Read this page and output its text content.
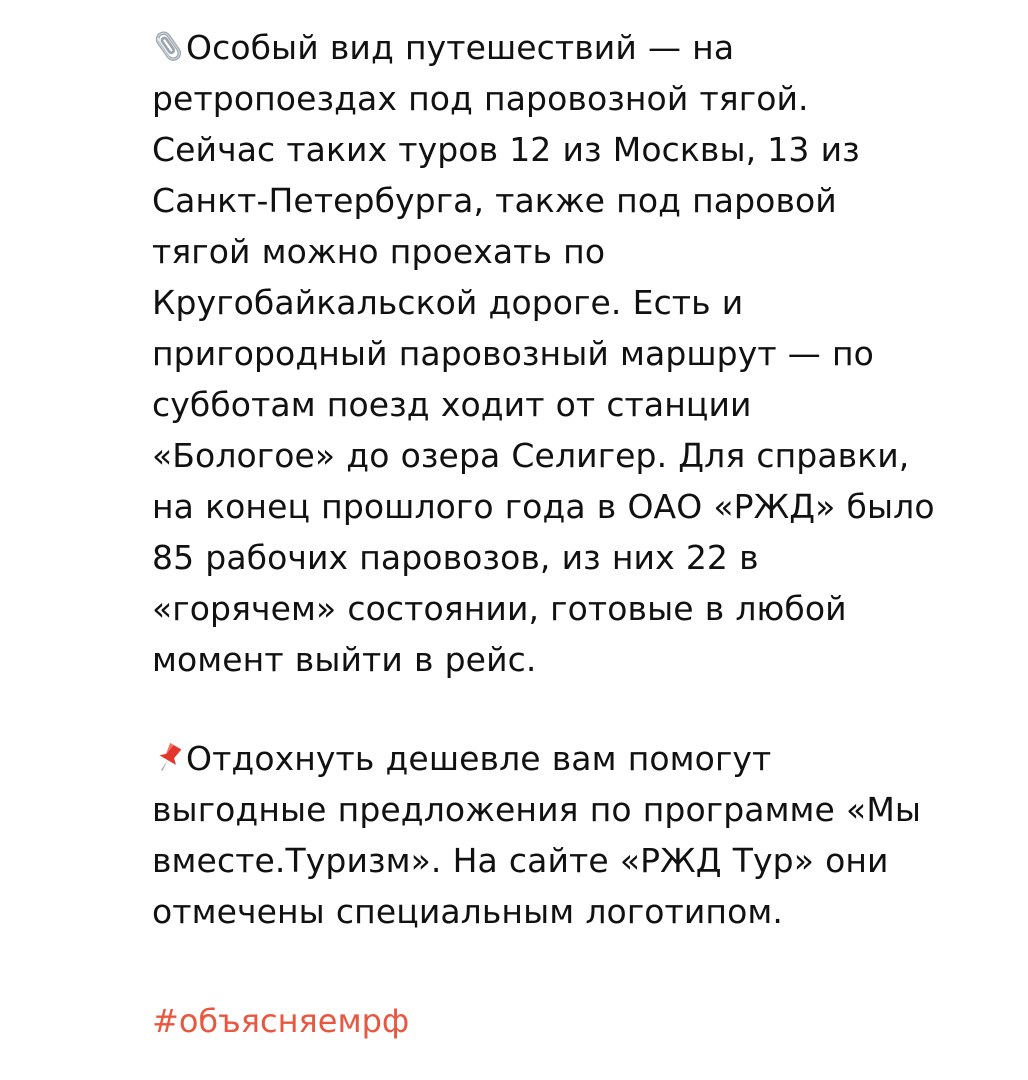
Особый вид путешествий — на ретропоездах под паровозной тягой. Сейчас таких туров 12 из Москвы, 13 из Санкт-Петербурга, также под паровой тягой можно проехать по Кругобайкальской дороге. Есть и пригородный паровозный маршрут — по субботам поезд ходит от станции «Бологое» до озера Селигер. Для справки, на конец прошлого года в ОАО «РЖД» было 85 рабочих паровозов, из них 22 в «горячем» состоянии, готовые в любой момент выйти в рейс.

Отдохнуть дешевле вам помогут выгодные предложения по программе «Мы вместе.Туризм». На сайте «РЖД Тур» они отмечены специальным логотипом.

#объясняемрф
